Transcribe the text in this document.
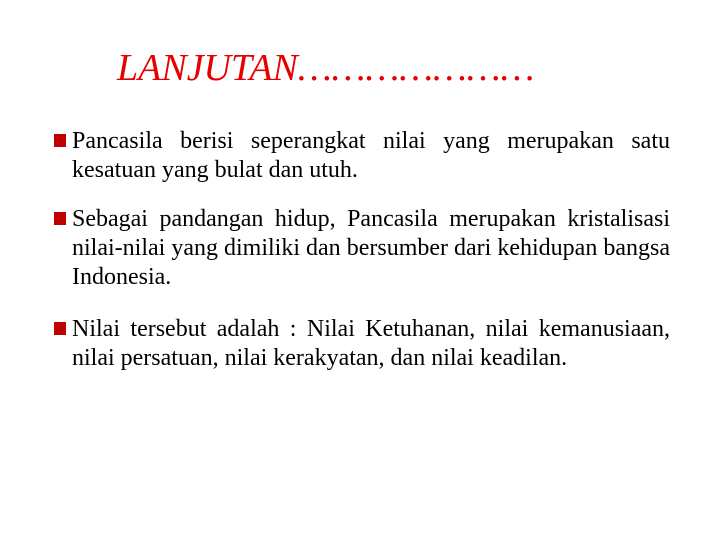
LANJUTAN…………………
Pancasila berisi seperangkat nilai yang merupakan satu kesatuan yang bulat dan utuh.
Sebagai pandangan hidup, Pancasila merupakan kristalisasi nilai-nilai yang dimiliki dan bersumber dari kehidupan bangsa Indonesia.
Nilai tersebut adalah : Nilai Ketuhanan, nilai kemanusiaan, nilai persatuan, nilai kerakyatan, dan nilai keadilan.
